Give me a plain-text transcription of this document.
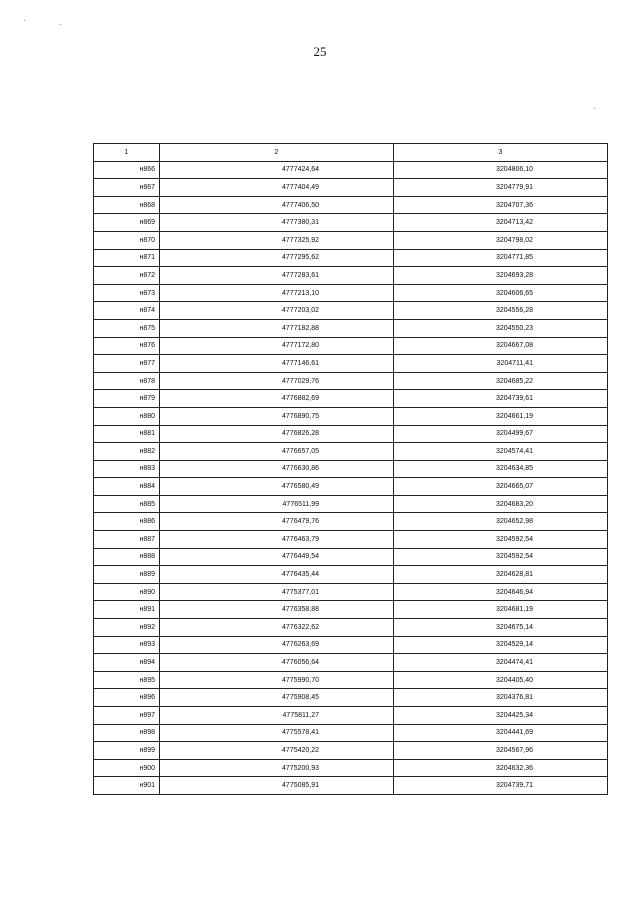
25
1	2	3
н866	4777424,64	3204806,10
н867	4777404,49	3204779,91
н868	4777406,50	3204707,36
н869	4777380,31	3204713,42
н870	4777325,92	3204798,02
н871	4777295,62	3204771,85
н872	4777283,61	3204693,28
н873	4777213,10	3204606,65
н874	4777203,02	3204556,28
н875	4777182,88	3204550,23
н876	4777172,80	3204667,08
н877	4777146,61	3204711,41
н878	4777029,76	3204685,22
н879	4776882,69	3204739,61
н880	4776890,75	3204661,19
н881	4776826,28	3204499,67
н882	4776657,05	3204574,41
н883	4776630,86	3204634,85
н884	4776580,49	3204665,07
н885	4776511,99	3204683,20
н886	4776479,76	3204652,98
н887	4776463,79	3204592,54
н888	4776449,54	3204592,54
н889	4776435,44	3204628,81
н890	4775377,01	3204646,94
н891	4776358,88	3204681,19
н892	4776322,62	3204675,14
н893	4776263,69	3204529,14
н894	4776056,64	3204474,41
н895	4775990,70	3204405,40
н896	4775908,45	3204376,81
н897	4775811,27	3204425,34
н898	4775578,41	3204441,69
н899	4775420,22	3204567,96
н900	4775200,93	3204632,36
н901	4775085,91	3204739,71
